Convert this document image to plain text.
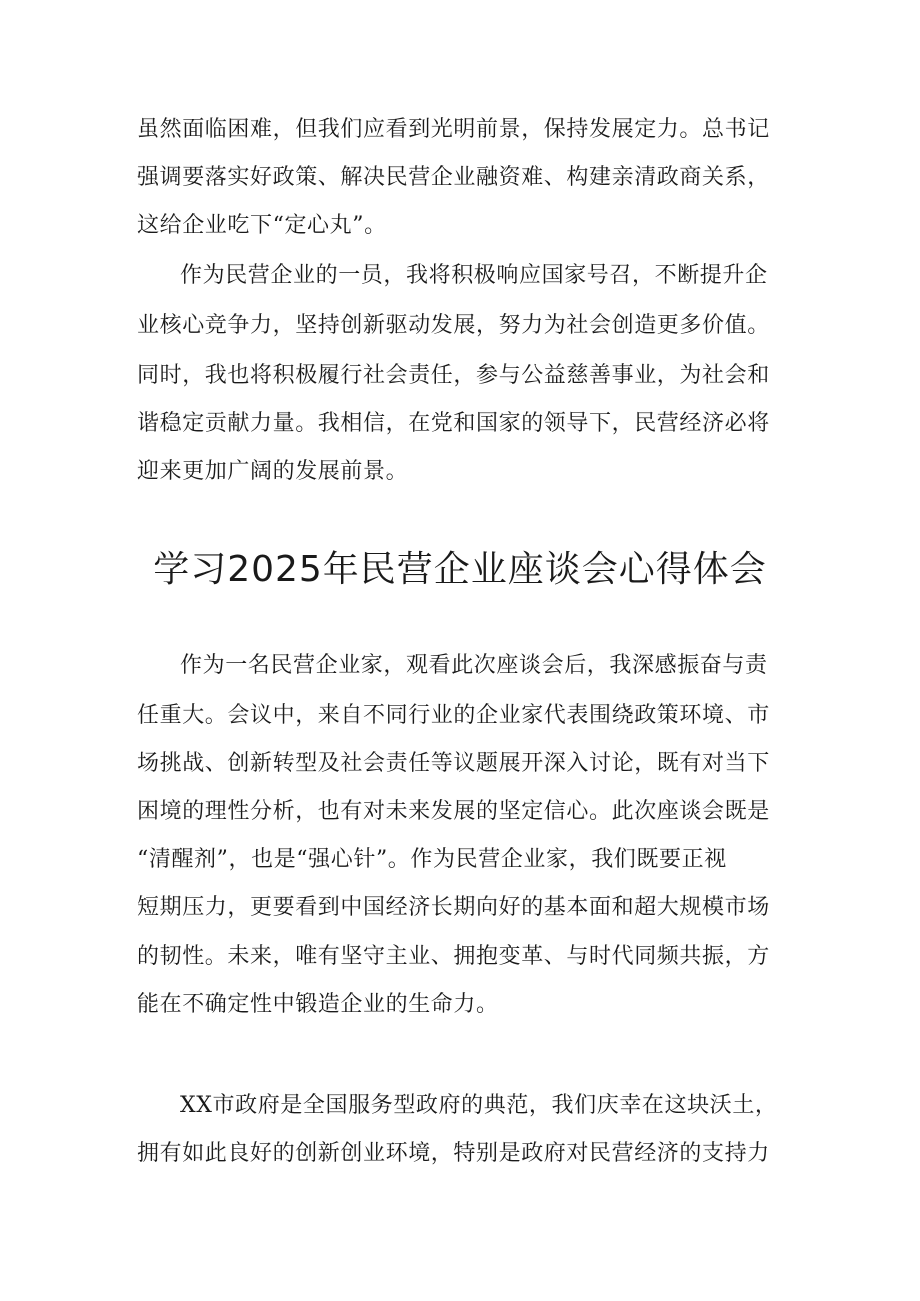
虽然面临困难，但我们应看到光明前景，保持发展定力。总书记
强调要落实好政策、解决民营企业融资难、构建亲清政商关系，
这给企业吃下“定心丸”。
作为民营企业的一员，我将积极响应国家号召，不断提升企
业核心竞争力，坚持创新驱动发展，努力为社会创造更多价值。
同时，我也将积极履行社会责任，参与公益慈善事业，为社会和
谐稳定贡献力量。我相信，在党和国家的领导下，民营经济必将
迎来更加广阔的发展前景。
学习2025年民营企业座谈会心得体会
作为一名民营企业家，观看此次座谈会后，我深感振奋与责
任重大。会议中，来自不同行业的企业家代表围绕政策环境、市
场挑战、创新转型及社会责任等议题展开深入讨论，既有对当下
困境的理性分析，也有对未来发展的坚定信心。此次座谈会既是
“清醒剂”，也是“强心针”。作为民营企业家，我们既要正视
短期压力，更要看到中国经济长期向好的基本面和超大规模市场
的韧性。未来，唯有坚守主业、拥抱变革、与时代同频共振，方
能在不确定性中锻造企业的生命力。
XX市政府是全国服务型政府的典范，我们庆幸在这块沃土，
拥有如此良好的创新创业环境，特别是政府对民营经济的支持力
